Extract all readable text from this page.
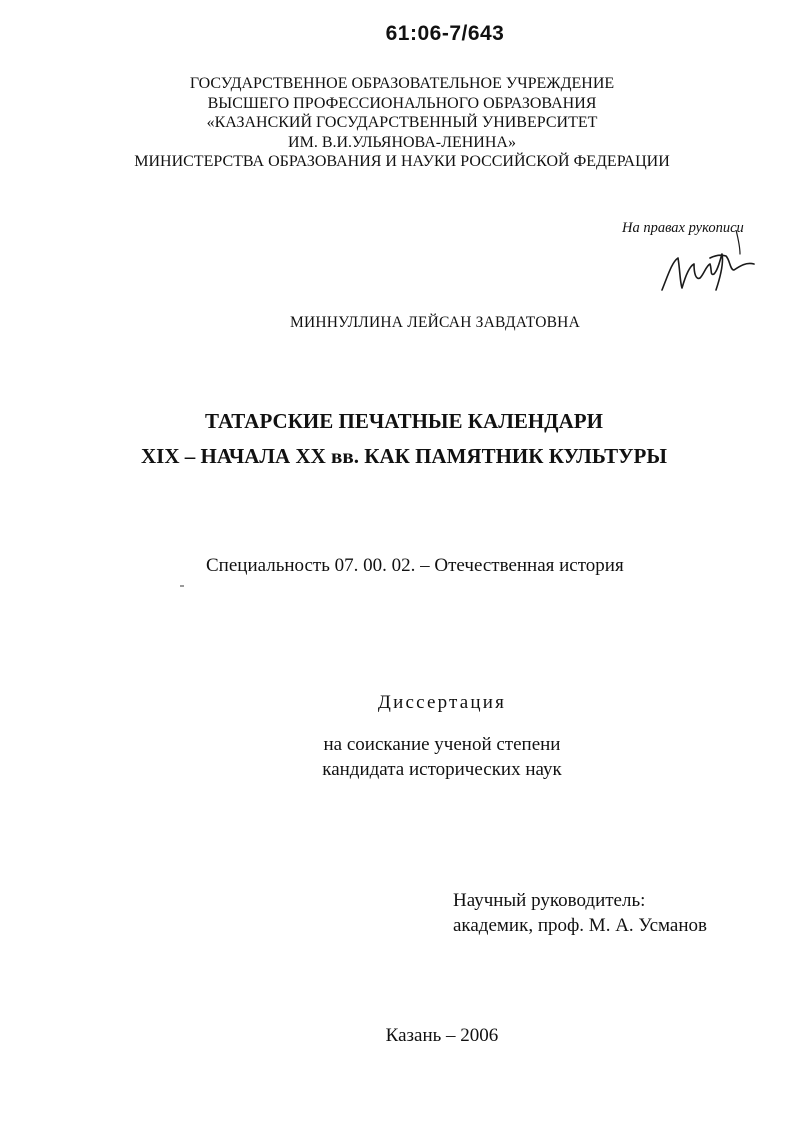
61:06-7/643
ГОСУДАРСТВЕННОЕ ОБРАЗОВАТЕЛЬНОЕ УЧРЕЖДЕНИЕ
ВЫСШЕГО ПРОФЕССИОНАЛЬНОГО ОБРАЗОВАНИЯ
«КАЗАНСКИЙ ГОСУДАРСТВЕННЫЙ УНИВЕРСИТЕТ
ИМ. В.И.УЛЬЯНОВА-ЛЕНИНА»
МИНИСТЕРСТВА ОБРАЗОВАНИЯ И НАУКИ РОССИЙСКОЙ ФЕДЕРАЦИИ
На правах рукописи
МИННУЛЛИНА ЛЕЙСАН ЗАВДАТОВНА
ТАТАРСКИЕ ПЕЧАТНЫЕ КАЛЕНДАРИ
XIX – НАЧАЛА XX вв. КАК ПАМЯТНИК КУЛЬТУРЫ
Специальность 07. 00. 02. – Отечественная история
Диссертация
на соискание ученой степени
кандидата исторических наук
Научный руководитель:
академик, проф. М. А. Усманов
Казань – 2006
